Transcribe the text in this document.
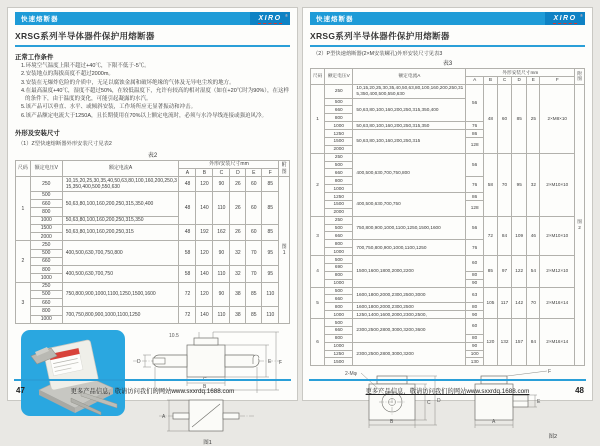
快速熔断器	XIRO ®
XRSG系列半导体器件保护用熔断器
正常工作条件
1.环境空气温度上限不超过+40℃，下限不低于-5℃。
2.安装地点的海拔高度不超过2000m。
3.安装在无爆炸危险的介质中，无足以腐蚀金属和破坏绝缘的气体及无导电尘埃的地方。
4.在最高温度+40℃，湿度不超过50%，在较低温度下，允许有较高的相对湿度（如在+20℃时为90%），在这样的条件下，由于温度的变化，可能引起凝露的水汽。
5.该产品可以垂直、水平、或倾斜安装，工作场所应无显著振动和冲击。
6.该产品额定电流大于1250A，且长期使用在70%以上额定电流时，必须与水冷导线连接或强迫风冷。
外形及安装尺寸
（1）Z型快速熔断器外形安装尺寸见表2
表2
尺码	额定电压V	额定电流A	外形/安装尺寸mm						附图
			A	B	C	D	E	F	
1	250	10,15,20,25,30,35,40,50,63,80,100,160,200,250,315,350,400,500,550,630	48	120	90	26	60	85	图1
	500	50,63,80,100,160,200,250,315,350,400	48	140	110	26	60	85	
	660								
	800								
	1000	50,63,80,100,160,200,250,315,350							
	1500	50,63,80,100,160,200,250,315	48	192	162	26	60	85	
	2000								
2	250	400,500,630,700,750,800	58	120	90	32	70	95	
	500								
	660								
	800	400,500,630,700,750	58	140	110	32	70	95	
	1000								
3	250	750,800,900,1000,1100,1250,1500,1600	72	120	90	38	85	110	
	500								
	660								
	800	700,750,800,900,1000,1100,1250	72	140	110	38	85	110	
	1000								
D
10.5
B
E F
A
图1
47	更多产品信息，敬请访问我们的网站www.sxxrdq.1688.com
快速熔断器	XIRO ®
XRSG系列半导体器件保护用熔断器
（2）P型快速熔断器(2×M安装螺孔)外形安装尺寸见表3
表3
尺码	额定电压V	额定电流A	外形安装尺寸mm						附图
			A	B	C	D	E	F	
1	250	10,15,20,25,30,35,40,50,63,80,100,160,200,250,315,350,400,500,550,630	56	48	60	85	25	2×M8×10	图2
	500	50,63,80,100,160,200,250,315,350,400							
	660								
	800								
	1000	50,63,80,100,160,200,250,315,350	76						
	1250	50,63,80,100,160,200,250,315	86						
	1500		128						
	2000								
2	250	400,500,630,700,750,800	56	58	70	95	32	2×M10×10	
	500								
	660								
	800		76						
	1000								
	1250	400,500,630,700,750	86						
	1500		128						
	2000								
3	250	750,800,900,1000,1100,1250,1500,1600	56	72	84	109	46	2×M10×10	
	500								
	660								
	800	700,750,800,900,1000,1100,1250	76						
	1000								
4	500	1500,1600,1800,2000,2200	60	85	97	122	54	2×M12×10	
	690								
	800		80						
	1000		90						
5	500	1600,1800,2000,2300,2500,3000	63	105	117	142	70	2×M16×14	
	660								
	800	1600,1800,2000,2300,2500	80						
	1000	1250,1400,1600,2000,2300,2500,	90						
6	500	2300,2500,2800,3000,3200,3600	60	120	132	157	84	2×M16×14	
	660								
	800		80						
	1000	2300,2500,2800,3000,3200	90						
	1250		100						
	1500		130						
2-Mφ
B
C D
F
E
A
图2
更多产品信息，敬请访问我们的网站www.sxxrdq.1688.com	48
